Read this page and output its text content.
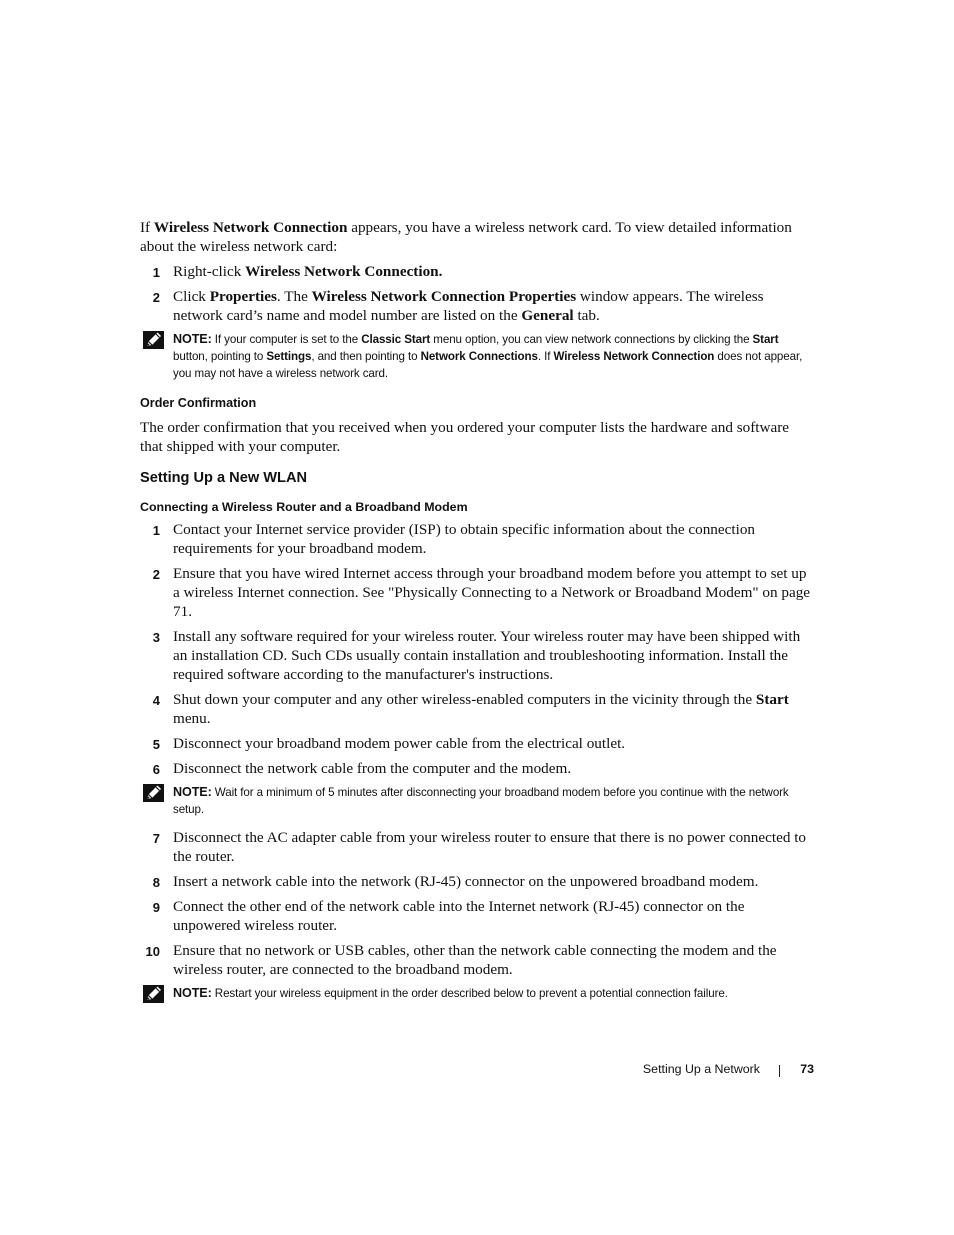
If Wireless Network Connection appears, you have a wireless network card. To view detailed information about the wireless network card:

1 Right-click Wireless Network Connection.
2 Click Properties. The Wireless Network Connection Properties window appears. The wireless network card’s name and model number are listed on the General tab.
NOTE: If your computer is set to the Classic Start menu option, you can view network connections by clicking the Start button, pointing to Settings, and then pointing to Network Connections. If Wireless Network Connection does not appear, you may not have a wireless network card.
Order Confirmation

The order confirmation that you received when you ordered your computer lists the hardware and software that shipped with your computer.

Setting Up a New WLAN
Connecting a Wireless Router and a Broadband Modem
1 Contact your Internet service provider (ISP) to obtain specific information about the connection requirements for your broadband modem.
2 Ensure that you have wired Internet access through your broadband modem before you attempt to set up a wireless Internet connection. See "Physically Connecting to a Network or Broadband Modem" on page 71.
3 Install any software required for your wireless router. Your wireless router may have been shipped with an installation CD. Such CDs usually contain installation and troubleshooting information. Install the required software according to the manufacturer's instructions.
4 Shut down your computer and any other wireless-enabled computers in the vicinity through the Start menu.
5 Disconnect your broadband modem power cable from the electrical outlet.
6 Disconnect the network cable from the computer and the modem.
NOTE: Wait for a minimum of 5 minutes after disconnecting your broadband modem before you continue with the network setup.
7 Disconnect the AC adapter cable from your wireless router to ensure that there is no power connected to the router.
8 Insert a network cable into the network (RJ-45) connector on the unpowered broadband modem.
9 Connect the other end of the network cable into the Internet network (RJ-45) connector on the unpowered wireless router.
10 Ensure that no network or USB cables, other than the network cable connecting the modem and the wireless router, are connected to the broadband modem.
NOTE: Restart your wireless equipment in the order described below to prevent a potential connection failure.
Setting Up a Network	73
